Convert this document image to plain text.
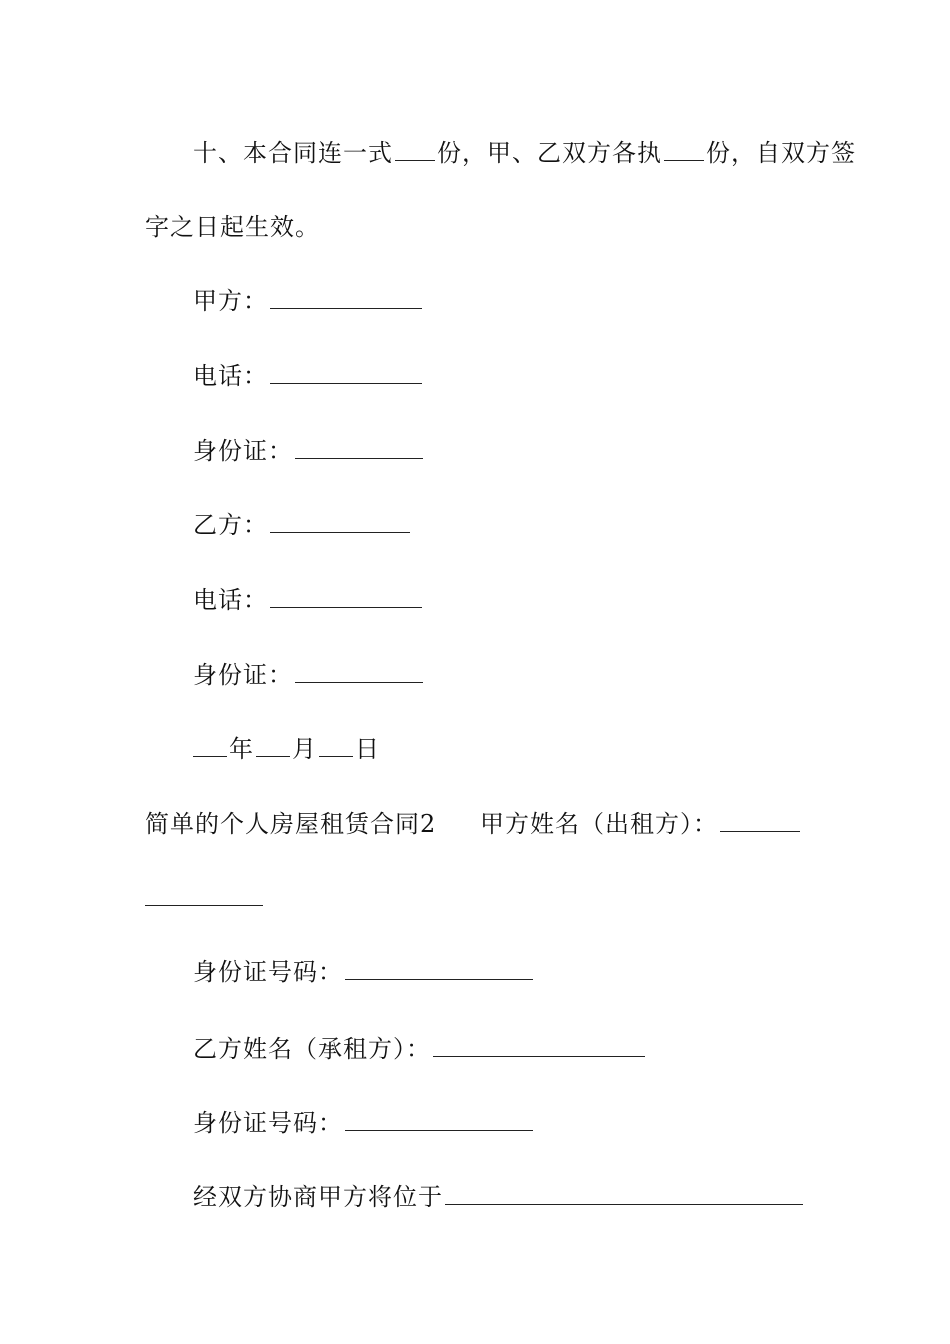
十、本合同连一式 份，甲、乙双方各执 份，自双方签
字之日起生效。
甲方：
电话：
身份证：
乙方：
电话：
身份证：
年 月 日
简单的个人房屋租赁合同2 甲方姓名（出租方）：
身份证号码：
乙方姓名（承租方）：
身份证号码：
经双方协商甲方将位于
